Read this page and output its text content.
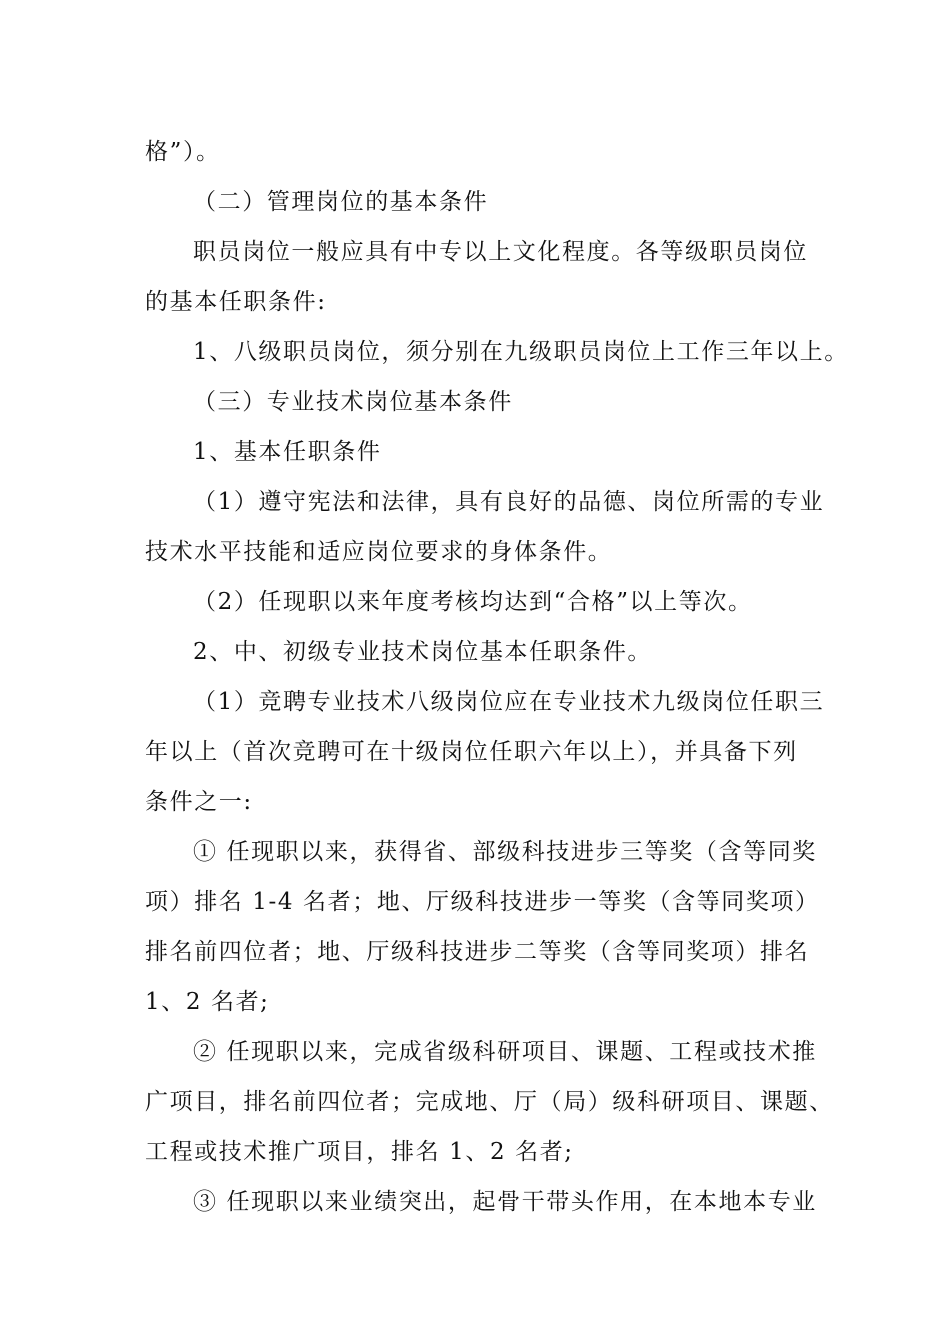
格”）。

（二）管理岗位的基本条件

职员岗位一般应具有中专以上文化程度。各等级职员岗位

的基本任职条件:

1、八级职员岗位，须分别在九级职员岗位上工作三年以上。

（三）专业技术岗位基本条件

1、基本任职条件

（1）遵守宪法和法律，具有良好的品德、岗位所需的专业

技术水平技能和适应岗位要求的身体条件。

（2）任现职以来年度考核均达到“合格”以上等次。

2、中、初级专业技术岗位基本任职条件。

（1）竞聘专业技术八级岗位应在专业技术九级岗位任职三

年以上（首次竞聘可在十级岗位任职六年以上），并具备下列

条件之一:

① 任现职以来，获得省、部级科技进步三等奖（含等同奖

项）排名 1-4 名者；地、厅级科技进步一等奖（含等同奖项）

排名前四位者；地、厅级科技进步二等奖（含等同奖项）排名

1、2 名者;

② 任现职以来，完成省级科研项目、课题、工程或技术推

广项目，排名前四位者；完成地、厅（局）级科研项目、课题、

工程或技术推广项目，排名 1、2 名者;

③ 任现职以来业绩突出，起骨干带头作用，在本地本专业
